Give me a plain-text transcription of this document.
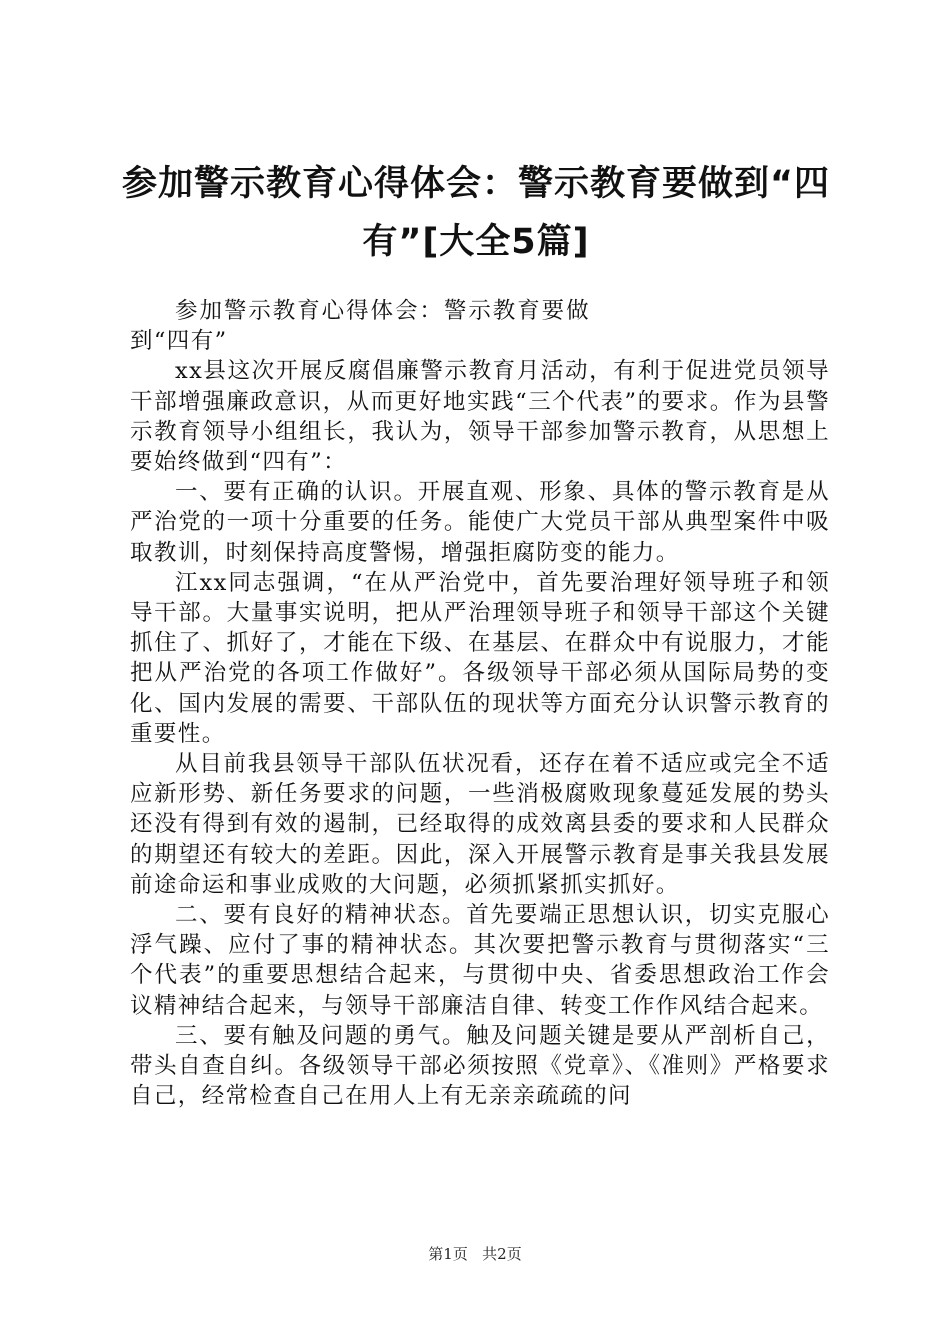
参加警示教育心得体会：警示教育要做到“四
有”[大全5篇]

参加警示教育心得体会：警示教育要做到“四有”

xx县这次开展反腐倡廉警示教育月活动，有利于促进党员领导干部增强廉政意识，从而更好地实践“三个代表”的要求。作为县警示教育领导小组组长，我认为，领导干部参加警示教育，从思想上要始终做到“四有”：

一、要有正确的认识。开展直观、形象、具体的警示教育是从严治党的一项十分重要的任务。能使广大党员干部从典型案件中吸取教训，时刻保持高度警惕，增强拒腐防变的能力。

江xx同志强调，“在从严治党中，首先要治理好领导班子和领导干部。大量事实说明，把从严治理领导班子和领导干部这个关键抓住了、抓好了，才能在下级、在基层、在群众中有说服力，才能把从严治党的各项工作做好”。各级领导干部必须从国际局势的变化、国内发展的需要、干部队伍的现状等方面充分认识警示教育的重要性。

从目前我县领导干部队伍状况看，还存在着不适应或完全不适应新形势、新任务要求的问题，一些消极腐败现象蔓延发展的势头还没有得到有效的遏制，已经取得的成效离县委的要求和人民群众的期望还有较大的差距。因此，深入开展警示教育是事关我县发展前途命运和事业成败的大问题，必须抓紧抓实抓好。

二、要有良好的精神状态。首先要端正思想认识，切实克服心浮气躁、应付了事的精神状态。其次要把警示教育与贯彻落实“三个代表”的重要思想结合起来，与贯彻中央、省委思想政治工作会议精神结合起来，与领导干部廉洁自律、转变工作作风结合起来。

三、要有触及问题的勇气。触及问题关键是要从严剖析自己，带头自查自纠。各级领导干部必须按照《党章》、《准则》严格要求自己，经常检查自己在用人上有无亲亲疏疏的问

第1页 共2页
